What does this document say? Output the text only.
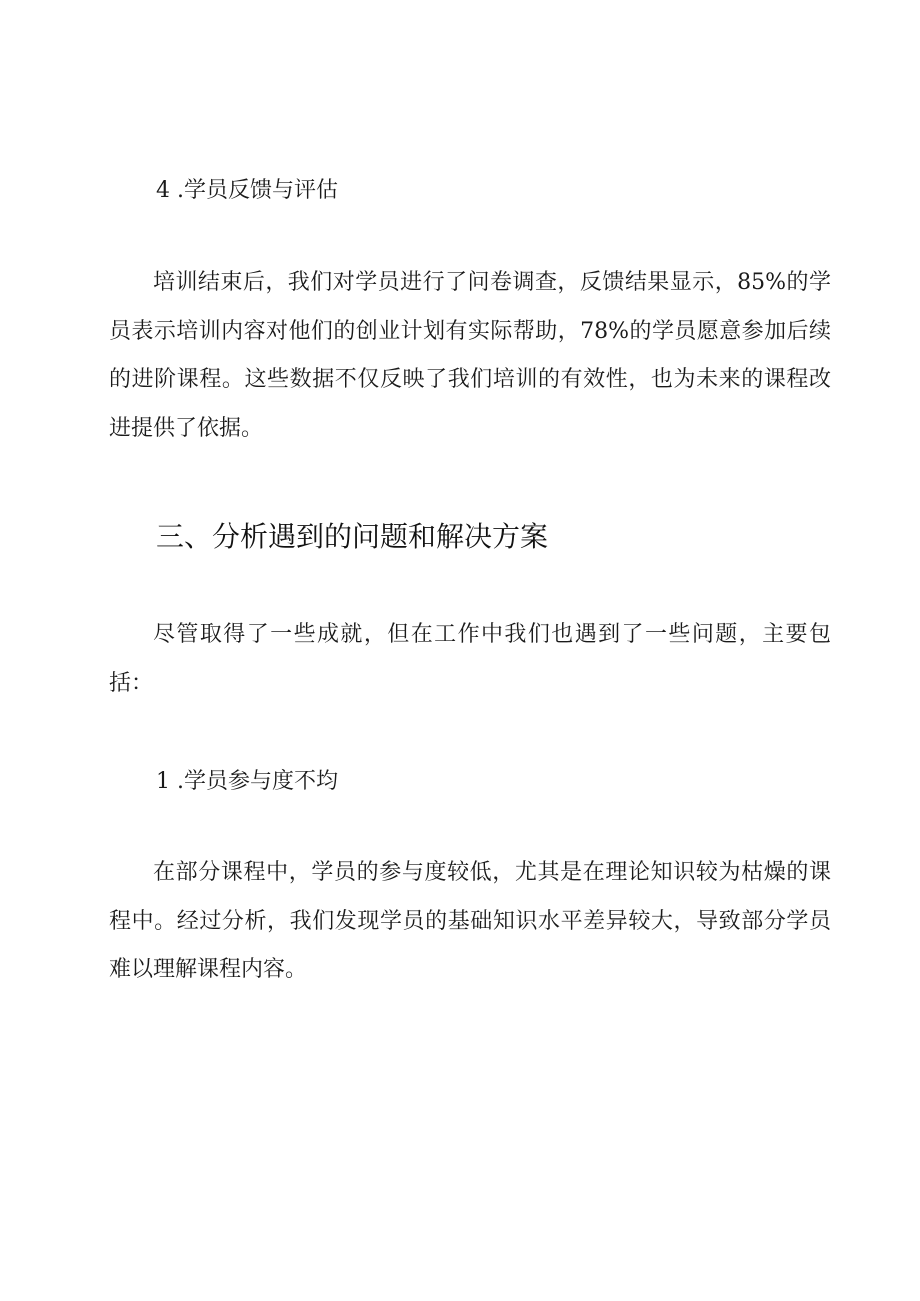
4 .学员反馈与评估

培训结束后，我们对学员进行了问卷调查，反馈结果显示，85%的学员表示培训内容对他们的创业计划有实际帮助，78%的学员愿意参加后续的进阶课程。这些数据不仅反映了我们培训的有效性，也为未来的课程改进提供了依据。

三、分析遇到的问题和解决方案

尽管取得了一些成就，但在工作中我们也遇到了一些问题，主要包括：

1 .学员参与度不均

在部分课程中，学员的参与度较低，尤其是在理论知识较为枯燥的课程中。经过分析，我们发现学员的基础知识水平差异较大，导致部分学员难以理解课程内容。
